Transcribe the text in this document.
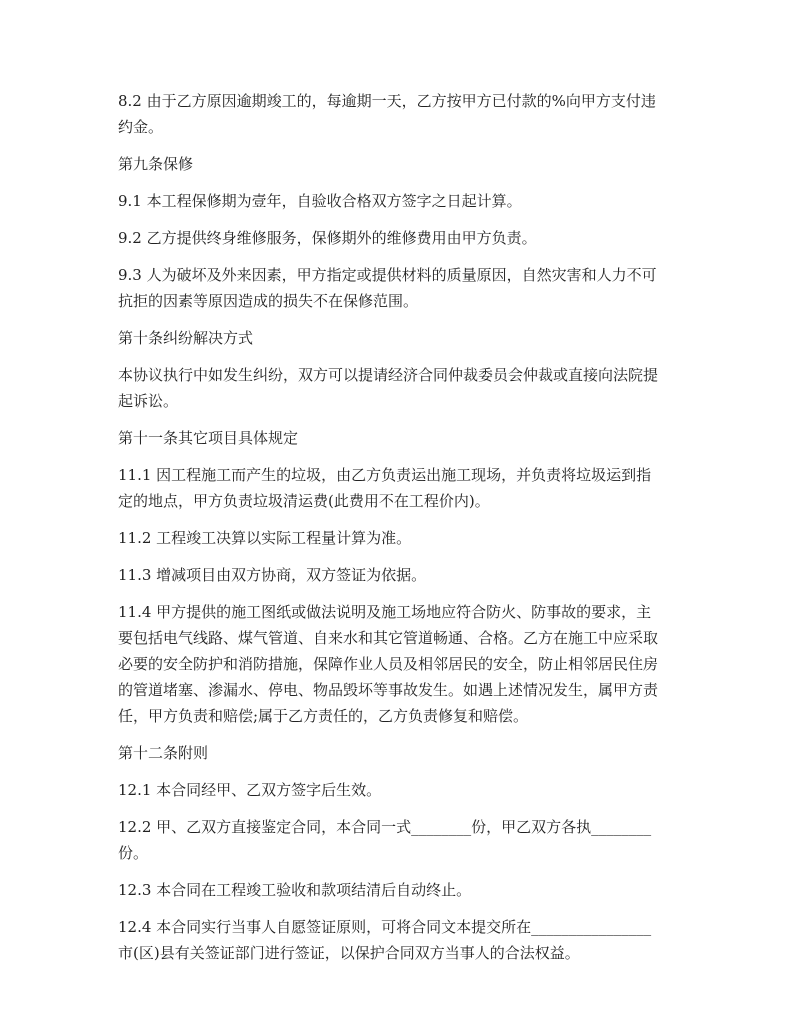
8.2 由于乙方原因逾期竣工的，每逾期一天，乙方按甲方已付款的%向甲方支付违
约金。

第九条保修

9.1 本工程保修期为壹年，自验收合格双方签字之日起计算。

9.2 乙方提供终身维修服务，保修期外的维修费用由甲方负责。

9.3 人为破坏及外来因素，甲方指定或提供材料的质量原因，自然灾害和人力不可
抗拒的因素等原因造成的损失不在保修范围。

第十条纠纷解决方式

本协议执行中如发生纠纷，双方可以提请经济合同仲裁委员会仲裁或直接向法院提
起诉讼。

第十一条其它项目具体规定

11.1 因工程施工而产生的垃圾，由乙方负责运出施工现场，并负责将垃圾运到指
定的地点，甲方负责垃圾清运费(此费用不在工程价内)。

11.2 工程竣工决算以实际工程量计算为准。

11.3 增减项目由双方协商，双方签证为依据。

11.4 甲方提供的施工图纸或做法说明及施工场地应符合防火、防事故的要求，主
要包括电气线路、煤气管道、自来水和其它管道畅通、合格。乙方在施工中应采取
必要的安全防护和消防措施，保障作业人员及相邻居民的安全，防止相邻居民住房
的管道堵塞、渗漏水、停电、物品毁坏等事故发生。如遇上述情况发生，属甲方责
任，甲方负责和赔偿;属于乙方责任的，乙方负责修复和赔偿。

第十二条附则

12.1 本合同经甲、乙双方签字后生效。

12.2 甲、乙双方直接鉴定合同，本合同一式________份，甲乙双方各执________
份。

12.3 本合同在工程竣工验收和款项结清后自动终止。

12.4 本合同实行当事人自愿签证原则，可将合同文本提交所在________________
市(区)县有关签证部门进行签证，以保护合同双方当事人的合法权益。
